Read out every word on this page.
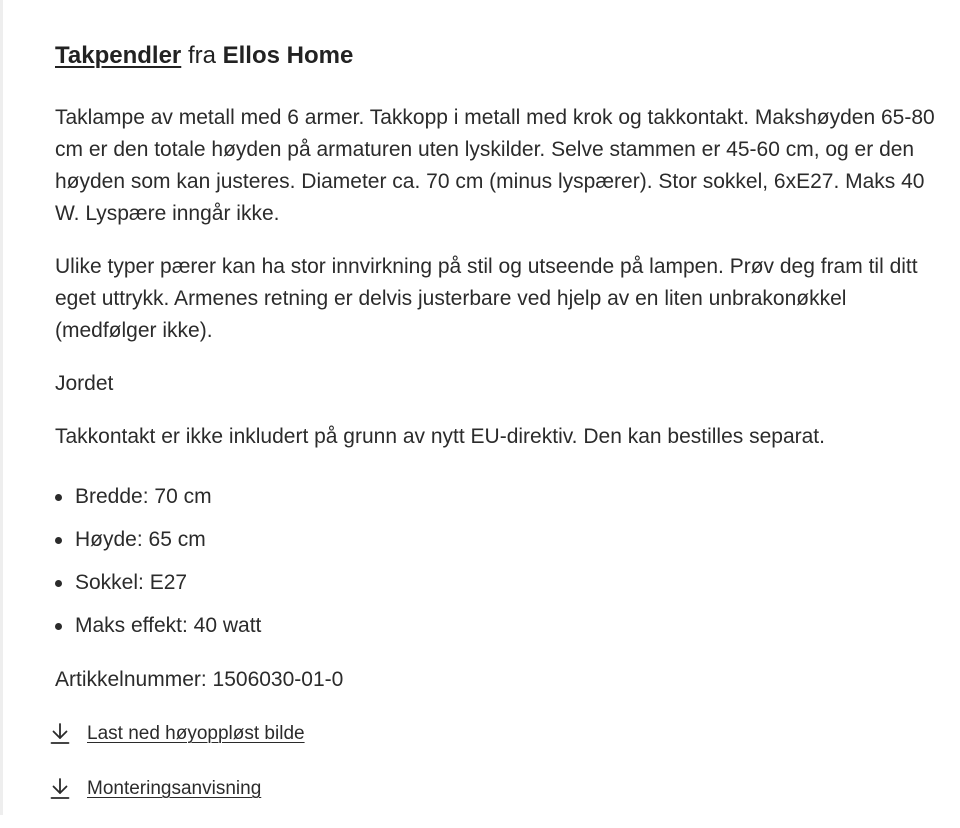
Takpendler fra Ellos Home

Taklampe av metall med 6 armer. Takkopp i metall med krok og takkontakt. Makshøyden 65-80 cm er den totale høyden på armaturen uten lyskilder. Selve stammen er 45-60 cm, og er den høyden som kan justeres. Diameter ca. 70 cm (minus lyspærer). Stor sokkel, 6xE27. Maks 40 W. Lyspære inngår ikke.

Ulike typer pærer kan ha stor innvirkning på stil og utseende på lampen. Prøv deg fram til ditt eget uttrykk. Armenes retning er delvis justerbare ved hjelp av en liten unbrakonøkkel (medfølger ikke).

Jordet

Takkontakt er ikke inkludert på grunn av nytt EU-direktiv. Den kan bestilles separat.

Bredde: 70 cm
Høyde: 65 cm
Sokkel: E27
Maks effekt: 40 watt

Artikkelnummer: 1506030-01-0

Last ned høyoppløst bilde
Monteringsanvisning
